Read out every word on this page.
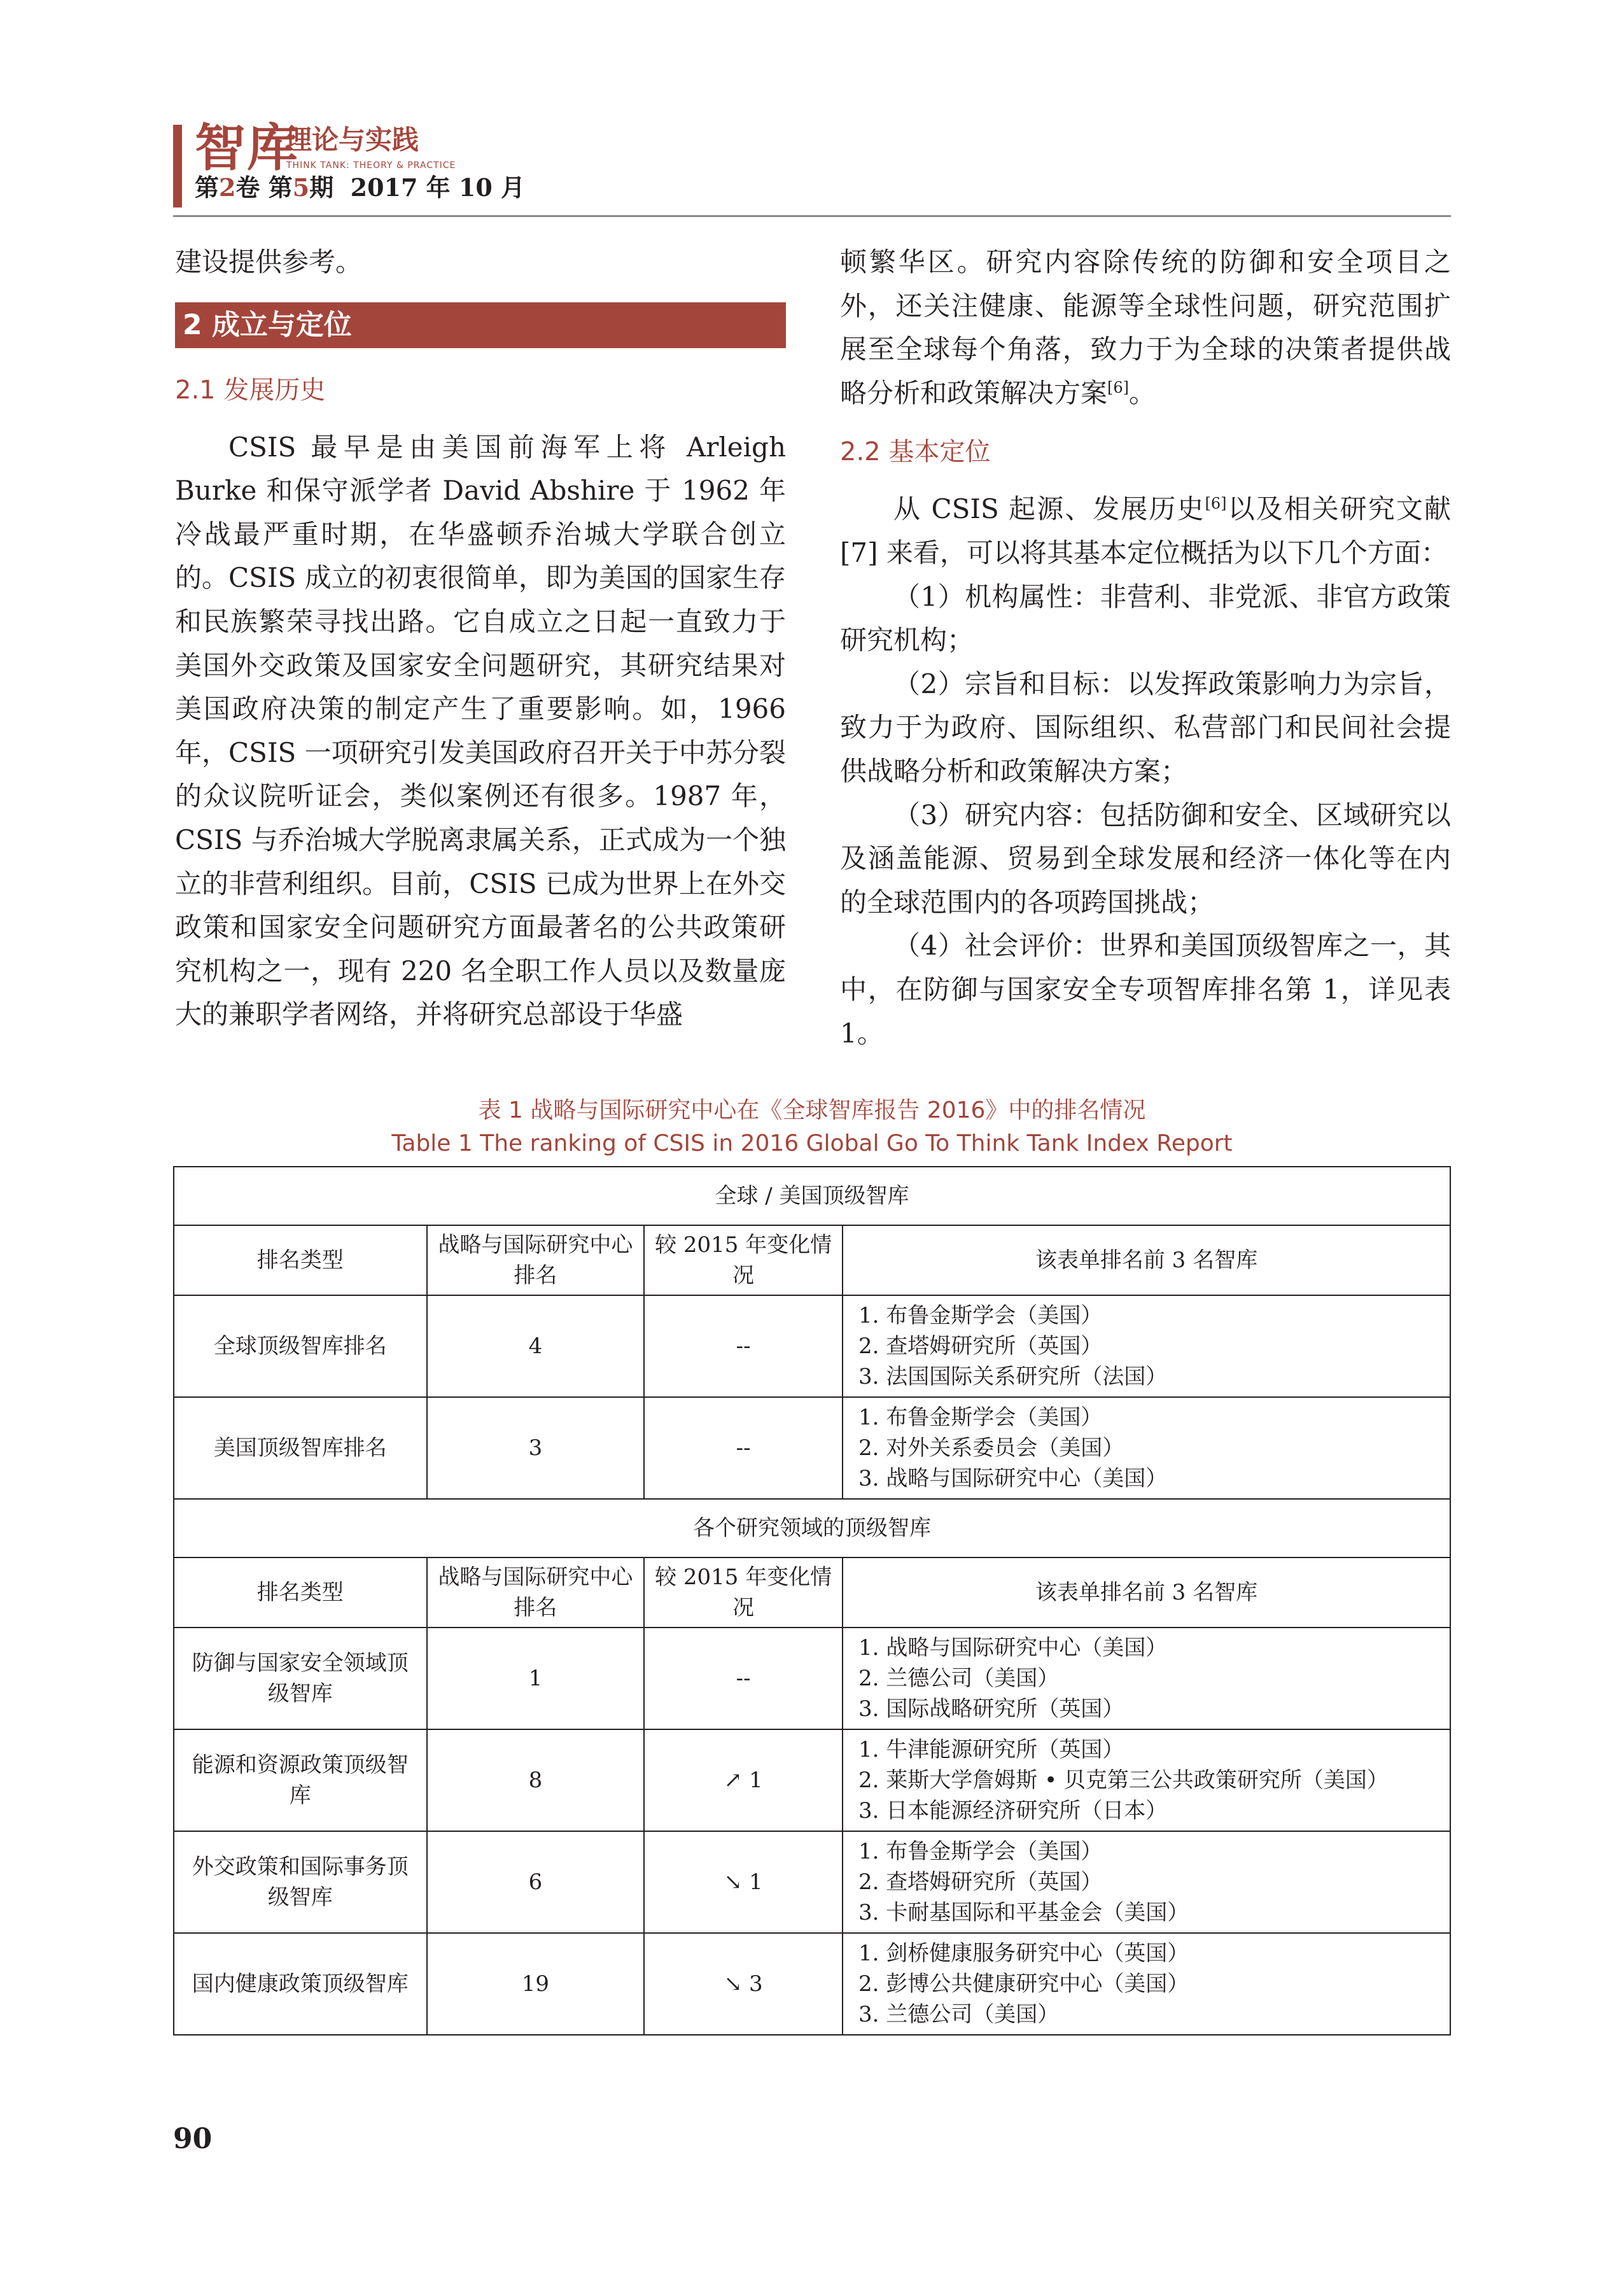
智库
理论与实践
THINK TANK: THEORY & PRACTICE
第2卷 第5期 2017 年 10 月

建设提供参考。

2 成立与定位
2.1 发展历史

CSIS 最早是由美国前海军上将 Arleigh Burke 和保守派学者 David Abshire 于 1962 年冷战最严重时期，在华盛顿乔治城大学联合创立的。CSIS 成立的初衷很简单，即为美国的国家生存和民族繁荣寻找出路。它自成立之日起一直致力于美国外交政策及国家安全问题研究，其研究结果对美国政府决策的制定产生了重要影响。如，1966 年，CSIS 一项研究引发美国政府召开关于中苏分裂的众议院听证会，类似案例还有很多。1987 年，CSIS 与乔治城大学脱离隶属关系，正式成为一个独立的非营利组织。目前，CSIS 已成为世界上在外交政策和国家安全问题研究方面最著名的公共政策研究机构之一，现有 220 名全职工作人员以及数量庞大的兼职学者网络，并将研究总部设于华盛

顿繁华区。研究内容除传统的防御和安全项目之外，还关注健康、能源等全球性问题，研究范围扩展至全球每个角落，致力于为全球的决策者提供战略分析和政策解决方案[6]。

2.2 基本定位

从 CSIS 起源、发展历史[6]以及相关研究文献 [7] 来看，可以将其基本定位概括为以下几个方面：

（1）机构属性：非营利、非党派、非官方政策研究机构；

（2）宗旨和目标：以发挥政策影响力为宗旨，致力于为政府、国际组织、私营部门和民间社会提供战略分析和政策解决方案；

（3）研究内容：包括防御和安全、区域研究以及涵盖能源、贸易到全球发展和经济一体化等在内的全球范围内的各项跨国挑战；

（4）社会评价：世界和美国顶级智库之一，其中，在防御与国家安全专项智库排名第 1，详见表 1。

表 1 战略与国际研究中心在《全球智库报告 2016》中的排名情况
Table 1 The ranking of CSIS in 2016 Global Go To Think Tank Index Report
全球 / 美国顶级智库			
排名类型	战略与国际研究中心排名	较 2015 年变化情况	该表单排名前 3 名智库
全球顶级智库排名	4	--	1. 布鲁金斯学会（美国）
2. 查塔姆研究所（英国）
3. 法国国际关系研究所（法国）

美国顶级智库排名	3	--	1. 布鲁金斯学会（美国）
2. 对外关系委员会（美国）
3. 战略与国际研究中心（美国）

各个研究领域的顶级智库			
排名类型	战略与国际研究中心排名	较 2015 年变化情况	该表单排名前 3 名智库
防御与国家安全领域顶级智库	1	--	1. 战略与国际研究中心（美国）
2. 兰德公司（美国）
3. 国际战略研究所（英国）

能源和资源政策顶级智库	8	↗ 1	1. 牛津能源研究所（英国）
2. 莱斯大学詹姆斯 • 贝克第三公共政策研究所（美国）
3. 日本能源经济研究所（日本）

外交政策和国际事务顶级智库	6	↘ 1	1. 布鲁金斯学会（美国）
2. 查塔姆研究所（英国）
3. 卡耐基国际和平基金会（美国）

国内健康政策顶级智库	19	↘ 3	1. 剑桥健康服务研究中心（英国）
2. 彭博公共健康研究中心（美国）
3. 兰德公司（美国）
90
